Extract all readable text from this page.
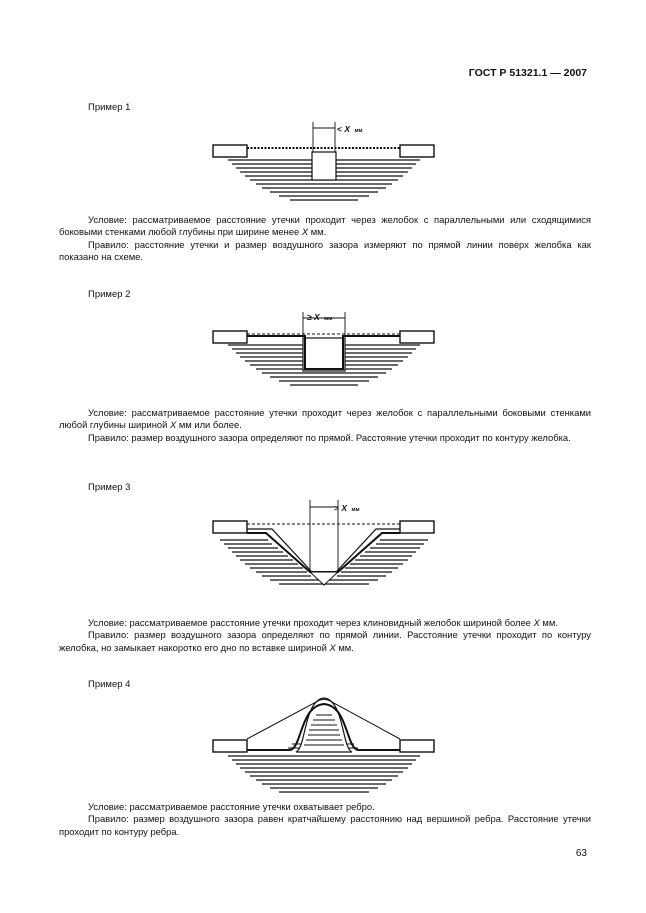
ГОСТ Р 51321.1 — 2007
Пример 1
< X мм

Условие: рассматриваемое расстояние утечки проходит через желобок с параллельными или сходящимися боковыми стенками любой глубины при ширине менее X мм.

Правило: расстояние утечки и размер воздушного зазора измеряют по прямой линии поверх желобка как показано на схеме.

Пример 2
≥ X мм

Условие: рассматриваемое расстояние утечки проходит через желобок с параллельными боковыми стенками любой глубины шириной X мм или более.

Правило: размер воздушного зазора определяют по прямой. Расстояние утечки проходит по контуру желобка.

Пример 3
> X мм

Условие: рассматриваемое расстояние утечки проходит через клиновидный желобок шириной более X мм.

Правило: размер воздушного зазора определяют по прямой линии. Расстояние утечки проходит по контуру желобка, но замыкает накоротко его дно по вставке шириной X мм.

Пример 4

Условие: рассматриваемое расстояние утечки охватывает ребро.

Правило: размер воздушного зазора равен кратчайшему расстоянию над вершиной ребра. Расстояние утечки проходит по контуру ребра.

63
